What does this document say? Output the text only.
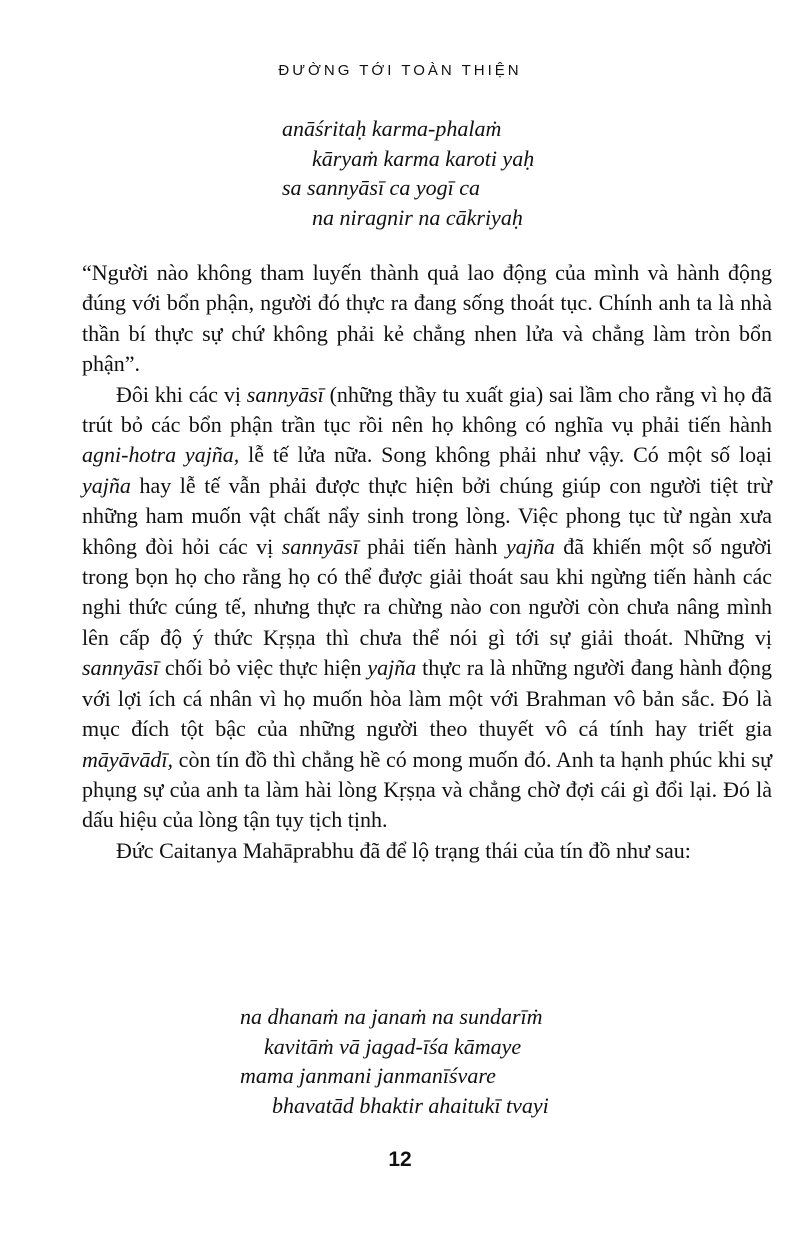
ĐƯỜNG TỚI TOÀN THIỆN
anāśritaḥ karma-phalaṁ
kāryaṁ karma karoti yaḥ
sa sannyāsī ca yogī ca
na niragnir na cākriyaḥ

“Người nào không tham luyến thành quả lao động của mình và hành động đúng với bổn phận, người đó thực ra đang sống thoát tục. Chính anh ta là nhà thần bí thực sự chứ không phải kẻ chẳng nhen lửa và chẳng làm tròn bổn phận”.

Đôi khi các vị sannyāsī (những thầy tu xuất gia) sai lầm cho rằng vì họ đã trút bỏ các bổn phận trần tục rồi nên họ không có nghĩa vụ phải tiến hành agni-hotra yajña, lễ tế lửa nữa. Song không phải như vậy. Có một số loại yajña hay lễ tế vẫn phải được thực hiện bởi chúng giúp con người tiệt trừ những ham muốn vật chất nẩy sinh trong lòng. Việc phong tục từ ngàn xưa không đòi hỏi các vị sannyāsī phải tiến hành yajña đã khiến một số người trong bọn họ cho rằng họ có thể được giải thoát sau khi ngừng tiến hành các nghi thức cúng tế, nhưng thực ra chừng nào con người còn chưa nâng mình lên cấp độ ý thức Kṛṣṇa thì chưa thể nói gì tới sự giải thoát. Những vị sannyāsī chối bỏ việc thực hiện yajña thực ra là những người đang hành động với lợi ích cá nhân vì họ muốn hòa làm một với Brahman vô bản sắc. Đó là mục đích tột bậc của những người theo thuyết vô cá tính hay triết gia māyāvādī, còn tín đồ thì chẳng hề có mong muốn đó. Anh ta hạnh phúc khi sự phụng sự của anh ta làm hài lòng Kṛṣṇa và chẳng chờ đợi cái gì đổi lại. Đó là dấu hiệu của lòng tận tụy tịch tịnh.

Đức Caitanya Mahāprabhu đã để lộ trạng thái của tín đồ như sau:

na dhanaṁ na janaṁ na sundarīṁ
kavitāṁ vā jagad-īśa kāmaye
mama janmani janmanīśvare
bhavatād bhaktir ahaitukī tvayi
12
